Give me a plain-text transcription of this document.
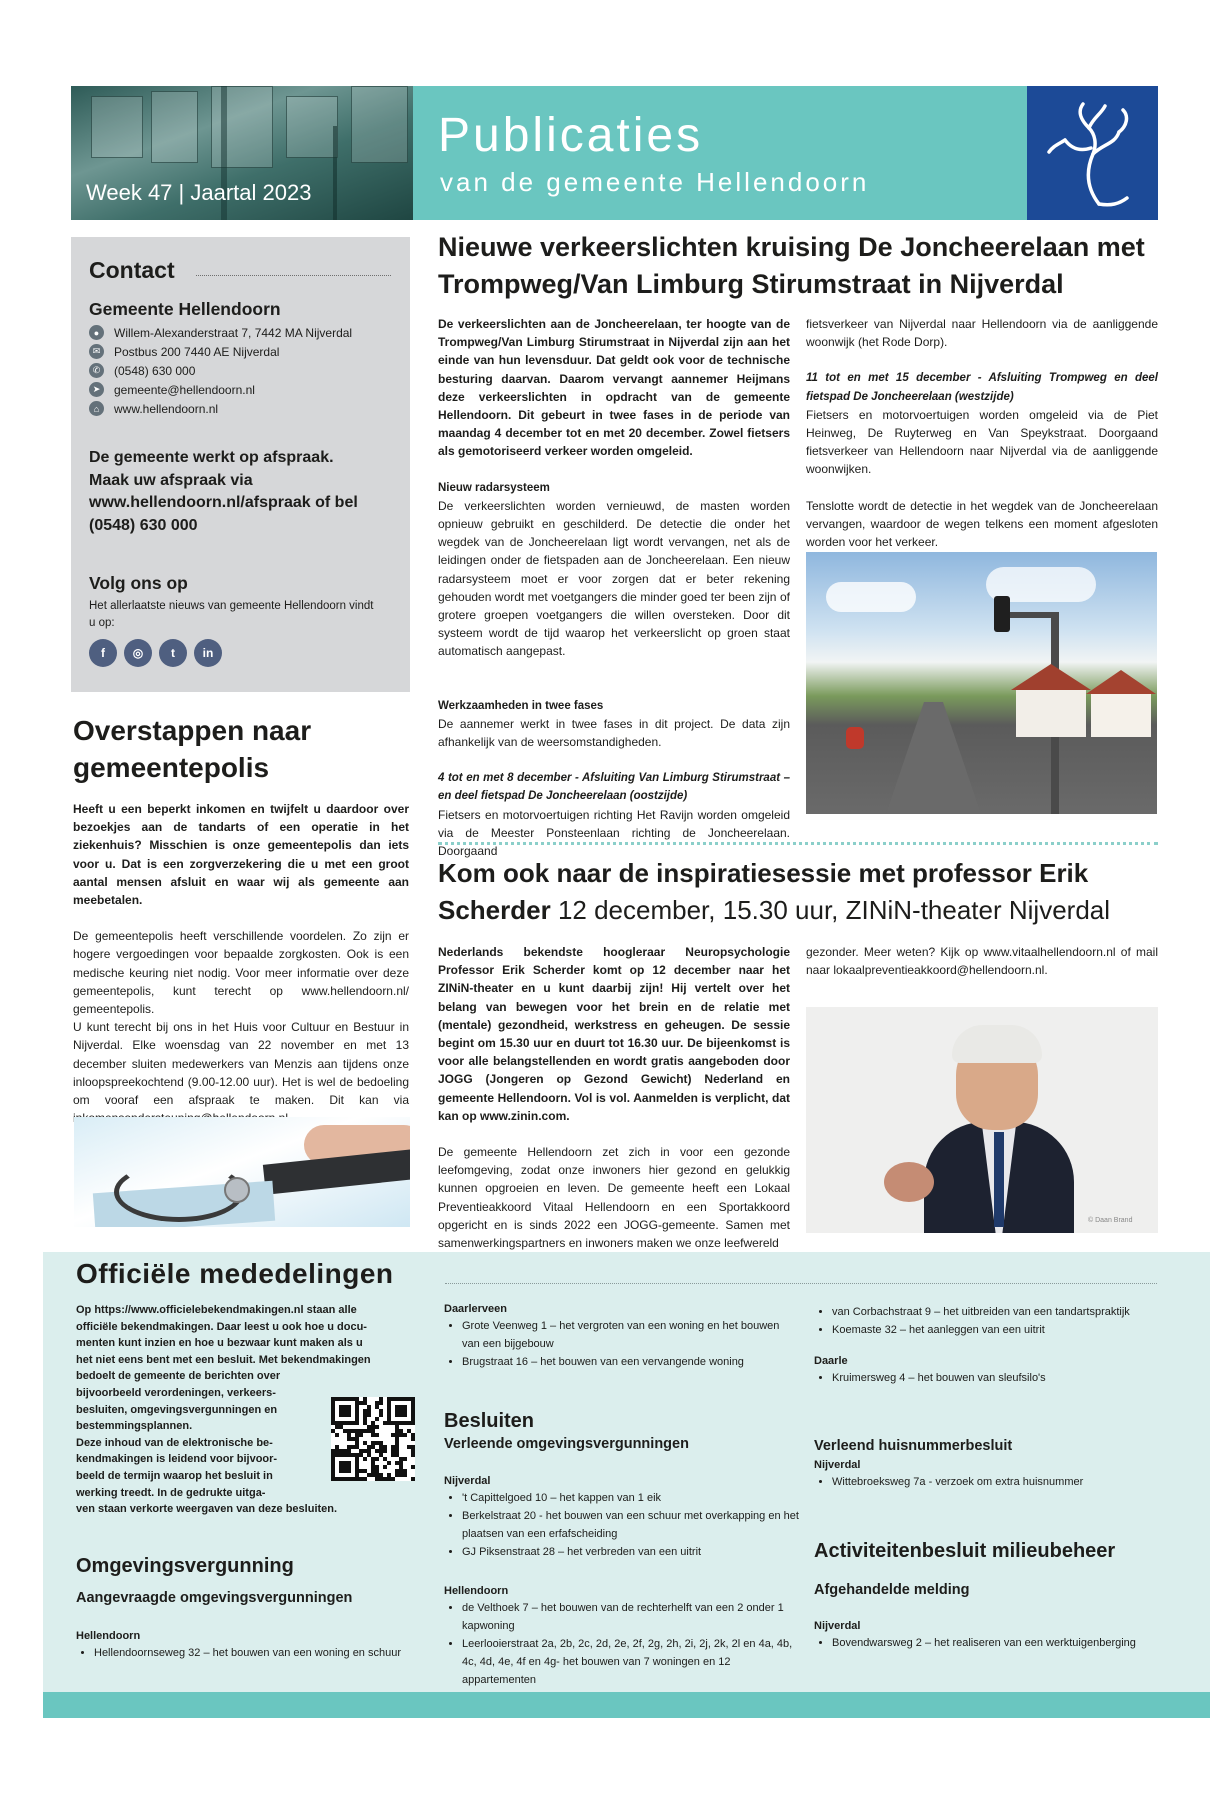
Week 47 | Jaartal 2023
Publicaties
van de gemeente Hellendoorn
Contact
Gemeente Hellendoorn
●	Willem-Alexanderstraat 7, 7442 MA Nijverdal
✉	Postbus 200 7440 AE Nijverdal
✆	(0548) 630 000
➤	gemeente@hellendoorn.nl
⌂	www.hellendoorn.nl
De gemeente werkt op afspraak. Maak uw afspraak via www.hellendoorn.nl/afspraak of bel (0548) 630 000
Volg ons op
Het allerlaatste nieuws van gemeente Hellendoorn vindt u op:
f	◎	t	in
Overstappen naar gemeentepolis

Heeft u een beperkt inkomen en twijfelt u daardoor over bezoekjes aan de tandarts of een operatie in het ziekenhuis? Misschien is onze gemeentepolis dan iets voor u. Dat is een zorgverzekering die u met een groot aantal mensen afsluit en waar wij als gemeente aan meebetalen.

De gemeentepolis heeft verschillende voordelen. Zo zijn er hogere vergoedingen voor bepaalde zorgkosten. Ook is een medische keuring niet nodig. Voor meer informatie over deze gemeentepolis, kunt terecht op www.hellendoorn.nl/ gemeentepolis.

U kunt terecht bij ons in het Huis voor Cultuur en Bestuur in Nijverdal. Elke woensdag van 22 november en met 13 december sluiten medewerkers van Menzis aan tijdens onze inloopspreekochtend (9.00-12.00 uur). Het is wel de bedoeling om vooraf een afspraak te maken. Dit kan via

Nieuwe verkeerslichten kruising De Joncheerelaan met Trompweg/Van Limburg Stirumstraat in Nijverdal

De verkeerslichten aan de Joncheerelaan, ter hoogte van de Trompweg/Van Limburg Stirumstraat in Nijverdal zijn aan het einde van hun levensduur. Dat geldt ook voor de technische besturing daarvan. Daarom vervangt aannemer Heijmans deze verkeerslichten in opdracht van de gemeente Hellendoorn. Dit gebeurt in twee fases in de periode van maandag 4 december tot en met 20 december. Zowel fietsers als gemotoriseerd verkeer worden omgeleid.

Nieuw radarsysteem

De verkeerslichten worden vernieuwd, de masten worden opnieuw gebruikt en geschilderd. De detectie die onder het wegdek van de Joncheerelaan ligt wordt vervangen, net als de leidingen onder de fietspaden aan de Joncheerelaan. Een nieuw radarsysteem moet er voor zorgen dat er beter rekening gehouden wordt met voetgangers die minder goed ter been zijn of grotere groepen voetgangers die willen oversteken. Door dit systeem wordt de tijd waarop het verkeerslicht op groen staat automatisch aangepast.

Werkzaamheden in twee fases

De aannemer werkt in twee fases in dit project. De data zijn afhankelijk van de weersomstandigheden.

4 tot en met 8 december - Afsluiting Van Limburg Stirumstraat – en deel fietspad De Joncheerelaan (oostzijde)

Fietsers en motorvoertuigen richting Het Ravijn worden omgeleid via de Meester Ponsteenlaan richting de Joncheerelaan. Doorgaand

fietsverkeer van Nijverdal naar Hellendoorn via de aanliggende woonwijk (het Rode Dorp).

11 tot en met 15 december - Afsluiting Trompweg en deel fietspad De Joncheerelaan (westzijde)

Fietsers en motorvoertuigen worden omgeleid via de Piet Heinweg, De Ruyterweg en Van Speykstraat. Doorgaand fietsverkeer van Hellendoorn naar Nijverdal via de aanliggende woonwijken.

Tenslotte wordt de detectie in het wegdek van de Joncheerelaan vervangen, waardoor de wegen telkens een moment afgesloten worden voor het verkeer.

Kom ook naar de inspiratiesessie met professor Erik Scherder 12 december, 15.30 uur, ZINiN-theater Nijverdal

Nederlands bekendste hoogleraar Neuropsychologie Professor Erik Scherder komt op 12 december naar het ZINiN-theater en u kunt daarbij zijn! Hij vertelt over het belang van bewegen voor het brein en de relatie met (mentale) gezondheid, werkstress en geheugen. De sessie begint om 15.30 uur en duurt tot 16.30 uur. De bijeenkomst is voor alle belangstellenden en wordt gratis aangeboden door JOGG (Jongeren op Gezond Gewicht) Nederland en gemeente Hellendoorn. Vol is vol. Aanmelden is verplicht, dat kan op www.zinin.com.

De gemeente Hellendoorn zet zich in voor een gezonde leefomgeving, zodat onze inwoners hier gezond en gelukkig kunnen opgroeien en leven. De gemeente heeft een Lokaal Preventieakkoord Vitaal Hellendoorn en een Sportakkoord opgericht en is sinds 2022 een JOGG-gemeente. Samen met samenwerkingspartners en inwoners maken we onze leefwereld

gezonder. Meer weten? Kijk op www.vitaalhellendoorn.nl of mail naar lokaalpreventieakkoord@hellendoorn.nl.

© Daan Brand
Officiële mededelingen

Op https://www.officielebekendmakingen.nl staan alle

officiële bekendmakingen. Daar leest u ook hoe u docu-

menten kunt inzien en hoe u bezwaar kunt maken als u

het niet eens bent met een besluit. Met bekendmakingen

bedoelt de gemeente de berichten over

bijvoorbeeld verordeningen, verkeers-

besluiten, omgevingsvergunningen en

bestemmingsplannen.

Deze inhoud van de elektronische be-

kendmakingen is leidend voor bijvoor-

beeld de termijn waarop het besluit in

werking treedt. In de gedrukte uitga-

ven staan verkorte weergaven van deze besluiten.

Omgevingsvergunning
Aangevraagde omgevingsvergunningen
Hellendoorn
• Hellendoornseweg 32 – het bouwen van een woning en schuur
Daarlerveen
• Grote Veenweg 1 – het vergroten van een woning en het bouwen van een bijgebouw
• Brugstraat 16 – het bouwen van een vervangende woning
Besluiten
Verleende omgevingsvergunningen
Nijverdal
• 't Capittelgoed 10 – het kappen van 1 eik
• Berkelstraat 20 - het bouwen van een schuur met overkapping en het plaatsen van een erfafscheiding
• GJ Piksenstraat 28 – het verbreden van een uitrit
Hellendoorn
• de Velthoek 7 – het bouwen van de rechterhelft van een 2 onder 1 kapwoning
• Leerlooierstraat 2a, 2b, 2c, 2d, 2e, 2f, 2g, 2h, 2i, 2j, 2k, 2l en 4a, 4b, 4c, 4d, 4e, 4f en 4g- het bouwen van 7 woningen en 12 appartementen
• van Corbachstraat 9 – het uitbreiden van een tandartspraktijk
• Koemaste 32 – het aanleggen van een uitrit
Daarle
• Kruimersweg 4 – het bouwen van sleufsilo's
Verleend huisnummerbesluit
Nijverdal
• Wittebroeksweg 7a - verzoek om extra huisnummer
Activiteitenbesluit milieubeheer
Afgehandelde melding
Nijverdal
• Bovendwarsweg 2 – het realiseren van een werktuigenberging
